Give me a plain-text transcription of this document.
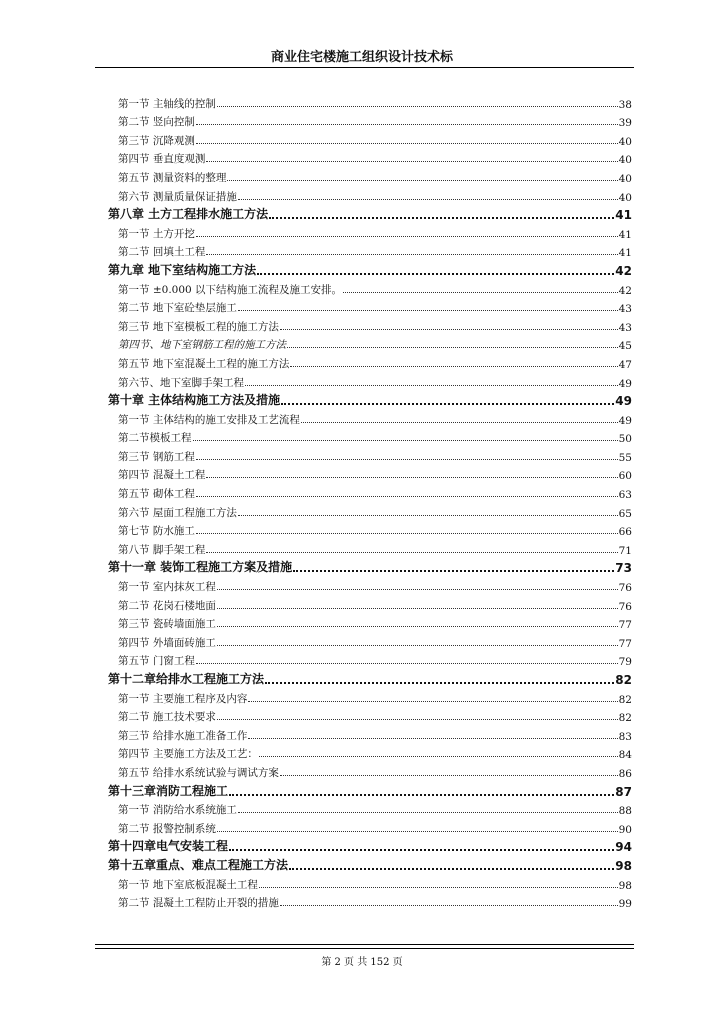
商业住宅楼施工组织设计技术标
第一节 主轴线的控制	38
第二节 竖向控制	39
第三节 沉降观测	40
第四节 垂直度观测	40
第五节 测量资料的整理	40
第六节 测量质量保证措施	40
第八章 土方工程排水施工方法	41
第一节 土方开挖	41
第二节 回填土工程	41
第九章 地下室结构施工方法	42
第一节 ±0.000 以下结构施工流程及施工安排。	42
第二节 地下室砼垫层施工	43
第三节 地下室模板工程的施工方法	43
第四节、地下室钢筋工程的施工方法	45
第五节 地下室混凝土工程的施工方法	47
第六节、地下室脚手架工程	49
第十章 主体结构施工方法及措施	49
第一节 主体结构的施工安排及工艺流程	49
第二节模板工程	50
第三节 钢筋工程	55
第四节 混凝土工程	60
第五节 砌体工程	63
第六节 屋面工程施工方法	65
第七节 防水施工	66
第八节 脚手架工程	71
第十一章 装饰工程施工方案及措施	73
第一节 室内抹灰工程	76
第二节 花岗石楼地面	76
第三节 瓷砖墙面施工	77
第四节 外墙面砖施工	77
第五节 门窗工程	79
第十二章给排水工程施工方法	82
第一节 主要施工程序及内容	82
第二节 施工技术要求	82
第三节 给排水施工准备工作	83
第四节 主要施工方法及工艺：	84
第五节 给排水系统试验与调试方案	86
第十三章消防工程施工	87
第一节 消防给水系统施工	88
第二节 报警控制系统	90
第十四章电气安装工程	94
第十五章重点、难点工程施工方法	98
第一节 地下室底板混凝土工程	98
第二节 混凝土工程防止开裂的措施	99
第 2 页 共 152 页
